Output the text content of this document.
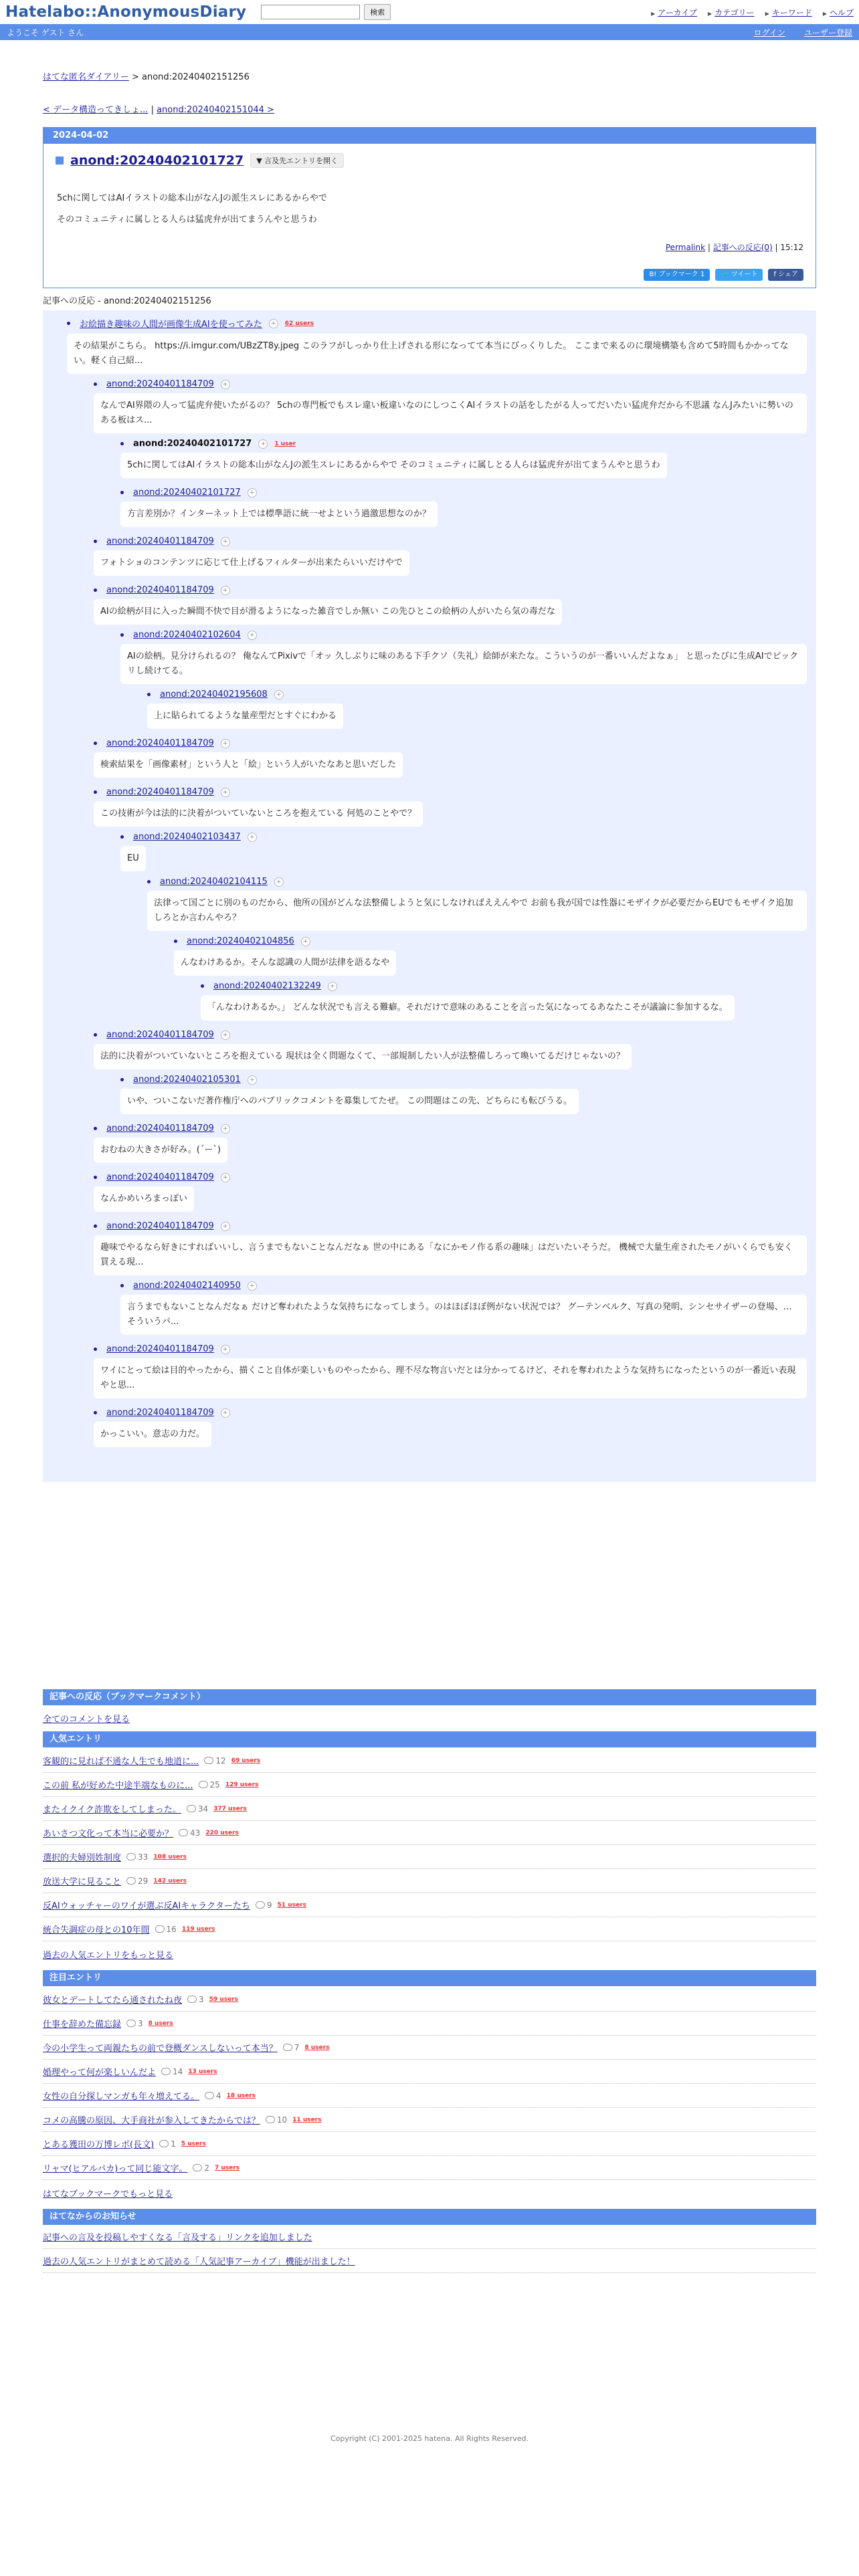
Hatelabo::AnonymousDiary	検索	▶ アーカイブ	▶ カテゴリー	▶ キーワード	▶ ヘルプ
ようこそ ゲスト さん	ログイン ユーザー登録
はてな匿名ダイアリー > anond:20240402151256
< データ構造ってきしょ... | anond:20240402151044 >
2024-04-02
anond:20240402101727	▼ 言及先エントリを開く
5chに関してはAIイラストの総本山がなんJの派生スレにあるからやで
そのコミュニティに属しとる人らは猛虎弁が出てまうんやと思うわ
Permalink | 記事への反応(0) | 15:12
B! ブックマーク 1	🐦 ツイート	f シェア
記事への反応 - anond:20240402151256
お絵描き趣味の人間が画像生成AIを使ってみた	+	62 users
その結果がこちら。 https://i.imgur.com/UBzZT8y.jpeg このラフがしっかり仕上げされる形になってて本当にびっくりした。 ここまで来るのに環境構築も含めて5時間もかかってない。軽く自己紹...
anond:20240401184709	+
なんでAI界隈の人って猛虎弁使いたがるの？ 5chの専門板でもスレ違い板違いなのにしつこくAIイラストの話をしたがる人ってだいたい猛虎弁だから不思議 なんJみたいに勢いのある板はス...
anond:20240402101727	+	1 user
5chに関してはAIイラストの総本山がなんJの派生スレにあるからやで そのコミュニティに属しとる人らは猛虎弁が出てまうんやと思うわ
anond:20240402101727	+
方言差別か？インターネット上では標準語に統一せよという過激思想なのか？
anond:20240401184709	+
フォトショのコンテンツに応じて仕上げるフィルターが出来たらいいだけやで
anond:20240401184709	+
AIの絵柄が目に入った瞬間不快で目が滑るようになった雑音でしか無い この先ひとこの絵柄の人がいたら気の毒だな
anond:20240402102604	+
AIの絵柄。見分けられるの？ 俺なんてPixivで「オッ 久しぶりに味のある下手クソ（失礼）絵師が来たな。こういうのが一番いいんだよなぁ」 と思ったびに生成AIでビックリし続けてる。
anond:20240402195608	+
上に貼られてるような量産型だとすぐにわかる
anond:20240401184709	+
検索結果を「画像素材」という人と「絵」という人がいたなあと思いだした
anond:20240401184709	+
この技術が今は法的に決着がついていないところを抱えている 何処のことやで？
anond:20240402103437	+
EU
anond:20240402104115	+
法律って国ごとに別のものだから、他所の国がどんな法整備しようと気にしなければええんやで お前も我が国では性器にモザイクが必要だからEUでもモザイク追加しろとか言わんやろ？
anond:20240402104856	+
んなわけあるか。そんな認識の人間が法律を語るなや
anond:20240402132249	+
「んなわけあるか。」 どんな状況でも言える難癖。それだけで意味のあることを言った気になってるあなたこそが議論に参加するな。
anond:20240401184709	+
法的に決着がついていないところを抱えている 現状は全く問題なくて、一部規制したい人が法整備しろって喚いてるだけじゃないの？
anond:20240402105301	+
いや、ついこないだ著作権庁へのパブリックコメントを募集してたぜ。 この問題はこの先、どちらにも転びうる。
anond:20240401184709	+
おむねの大きさが好み。(´ー`)
anond:20240401184709	+
なんかめいろまっぽい
anond:20240401184709	+
趣味でやるなら好きにすればいいし、言うまでもないことなんだなぁ 世の中にある「なにかモノ作る系の趣味」はだいたいそうだ。 機械で大量生産されたモノがいくらでも安く買える現...
anond:20240402140950	+
言うまでもないことなんだなぁ だけど奪われたような気持ちになってしまう。のはほぼほぼ例がない状況では？ グーテンベルク、写真の発明、シンセサイザーの登場、… そういうパ...
anond:20240401184709	+
ワイにとって絵は目的やったから、描くこと自体が楽しいものやったから、理不尽な物言いだとは分かってるけど、それを奪われたような気持ちになったというのが一番近い表現やと思...
anond:20240401184709	+
かっこいい。意志の力だ。
記事への反応（ブックマークコメント）
全てのコメントを見る
人気エントリ
客観的に見れば不通な人生でも地道に... 12 69 users
この前 私が好めた中途半端なものに... 25 129 users
またイクイク詐欺をしてしまった。 34 377 users
あいさつ文化って本当に必要か？ 43 220 users
選択的夫婦別姓制度 33 108 users
放送大学に見ること 29 142 users
反AIウォッチャーのワイが選ぶ反AIキャラクターたち 9 51 users
統合失調症の母との10年間 16 119 users
過去の人気エントリをもっと見る
注目エントリ
彼女とデートしてたら通されたね夜 3 59 users
仕事を辞めた備忘録 3 8 users
今の小学生って両親たちの前で登概ダンスしないって本当？ 7 8 users
婚理やって何が楽しいんだよ 14 13 users
女性の自分探しマンガも年々増えてる。 4 18 users
コメの高騰の原因、大手商社が参入してきたからでは？ 10 11 users
とある獲田の万博レポ(長文) 1 5 users
リャマ(ヒアルパカ)って同じ能文字。 2 7 users
はてなブックマークでもっと見る
はてなからのお知らせ
記事への言及を投稿しやすくなる「言及する」リンクを追加しました
過去の人気エントリがまとめて読める「人気記事アーカイブ」機能が出ました！
Copyright (C) 2001-2025 hatena. All Rights Reserved.
